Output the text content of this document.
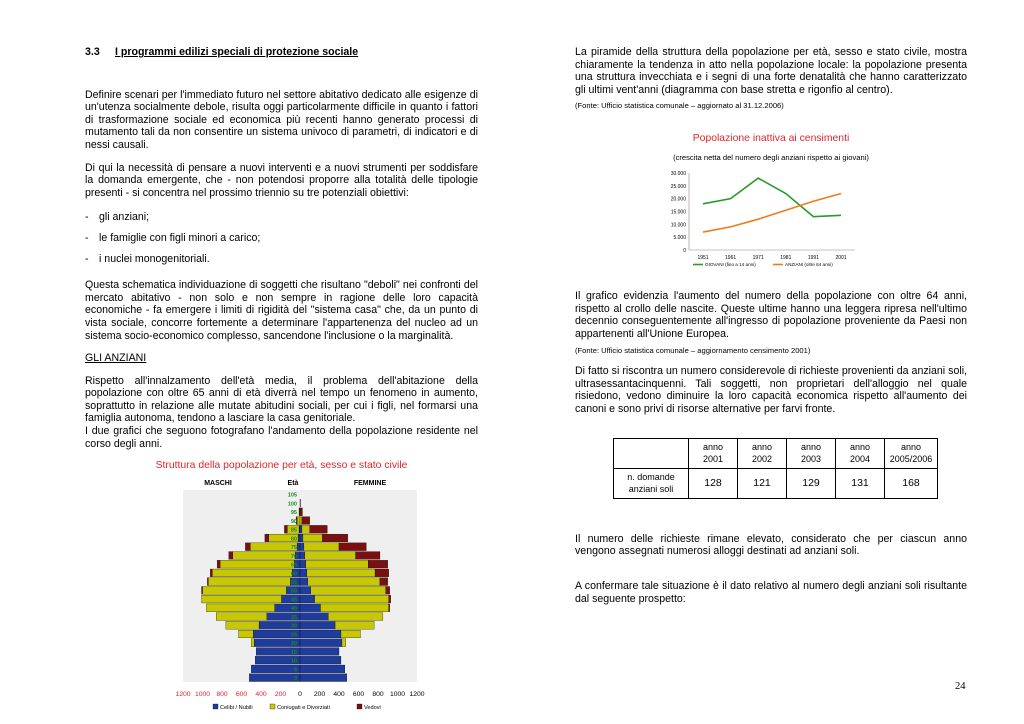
3.3 I programmi edilizi speciali di protezione sociale

Definire scenari per l'immediato futuro nel settore abitativo dedicato alle esigenze di un'utenza socialmente debole, risulta oggi particolarmente difficile in quanto i fattori di trasformazione sociale ed economica più recenti hanno generato processi di mutamento tali da non consentire un sistema univoco di parametri, di indicatori e di nessi causali.

Di qui la necessità di pensare a nuovi interventi e a nuovi strumenti per soddisfare la domanda emergente, che - non potendosi proporre alla totalità delle tipologie presenti - si concentra nel prossimo triennio su tre potenziali obiettivi:

- gli anziani;
- le famiglie con figli minori a carico;
- i nuclei monogenitoriali.

Questa schematica individuazione di soggetti che risultano "deboli" nei confronti del mercato abitativo - non solo e non sempre in ragione delle loro capacità economiche - fa emergere i limiti di rigidità del "sistema casa" che, da un punto di vista sociale, concorre fortemente a determinare l'appartenenza del nucleo ad un sistema socio-economico complesso, sancendone l'inclusione o la marginalità.

GLI ANZIANI

Rispetto all'innalzamento dell'età media, il problema dell'abitazione della popolazione con oltre 65 anni di età diverrà nel tempo un fenomeno in aumento, soprattutto in relazione alle mutate abitudini sociali, per cui i figli, nel formarsi una famiglia autonoma, tendono a lasciare la casa genitoriale.

I due grafici che seguono fotografano l'andamento della popolazione residente nel corso degli anni.

Struttura della popolazione per età, sesso e stato civile

MASCHI	Età	FEMMINE
105
100
95
90
85
80
75
70
65
60
55
50
45
40
35
30
25
20
15
10
5
0
1200 1000 800 600 400 200 0 200 400 600 800 1000 1200
Celibi / Nubili	Coniugati e Divorziati	Vedovi

La piramide della struttura della popolazione per età, sesso e stato civile, mostra chiaramente la tendenza in atto nella popolazione locale: la popolazione presenta una struttura invecchiata e i segni di una forte denatalità che hanno caratterizzato gli ultimi vent'anni (diagramma con base stretta e rigonfio al centro).

(Fonte: Ufficio statistica comunale – aggiornato al 31.12.2006)

Popolazione inattiva ai censimenti

(crescita netta del numero degli anziani rispetto ai giovani)

0
5.000
10.000
15.000
20.000
25.000
30.000
1951	1961	1971	1981	1991	2001
GIOVANI (fino a 14 anni)	ANZIANI (oltre 64 anni)

Il grafico evidenzia l'aumento del numero della popolazione con oltre 64 anni, rispetto al crollo delle nascite. Queste ultime hanno una leggera ripresa nell'ultimo decennio conseguentemente all'ingresso di popolazione proveniente da Paesi non appartenenti all'Unione Europea.

(Fonte: Ufficio statistica comunale – aggiornamento censimento 2001)

Di fatto si riscontra un numero considerevole di richieste provenienti da anziani soli, ultrasessantacinquenni. Tali soggetti, non proprietari dell'alloggio nel quale risiedono, vedono diminuire la loro capacità economica rispetto all'aumento dei canoni e sono privi di risorse alternative per farvi fronte.

	anno 2001	anno 2002	anno 2003	anno 2004	anno 2005/2006
n. domande anziani soli	128	121	129	131	168

Il numero delle richieste rimane elevato, considerato che per ciascun anno vengono assegnati numerosi alloggi destinati ad anziani soli.

A confermare tale situazione è il dato relativo al numero degli anziani soli risultante dal seguente prospetto:

24
